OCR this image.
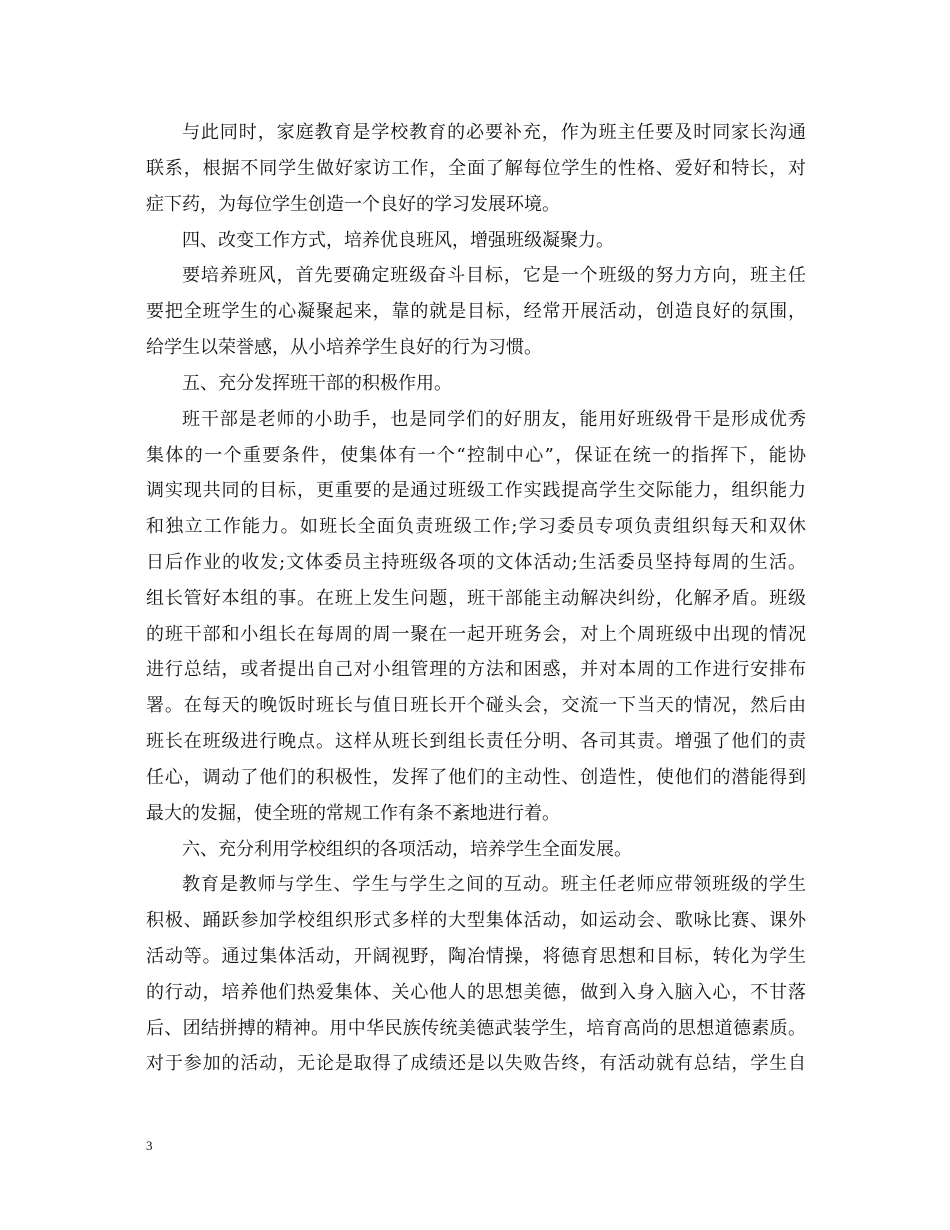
与此同时，家庭教育是学校教育的必要补充，作为班主任要及时同家长沟通
联系，根据不同学生做好家访工作，全面了解每位学生的性格、爱好和特长，对
症下药，为每位学生创造一个良好的学习发展环境。
四、改变工作方式，培养优良班风，增强班级凝聚力。
要培养班风，首先要确定班级奋斗目标，它是一个班级的努力方向，班主任
要把全班学生的心凝聚起来，靠的就是目标，经常开展活动，创造良好的氛围，
给学生以荣誉感，从小培养学生良好的行为习惯。
五、充分发挥班干部的积极作用。
班干部是老师的小助手，也是同学们的好朋友，能用好班级骨干是形成优秀
集体的一个重要条件，使集体有一个“控制中心”，保证在统一的指挥下，能协
调实现共同的目标，更重要的是通过班级工作实践提高学生交际能力，组织能力
和独立工作能力。如班长全面负责班级工作;学习委员专项负责组织每天和双休
日后作业的收发;文体委员主持班级各项的文体活动;生活委员坚持每周的生活。
组长管好本组的事。在班上发生问题，班干部能主动解决纠纷，化解矛盾。班级
的班干部和小组长在每周的周一聚在一起开班务会，对上个周班级中出现的情况
进行总结，或者提出自己对小组管理的方法和困惑，并对本周的工作进行安排布
署。在每天的晚饭时班长与值日班长开个碰头会，交流一下当天的情况，然后由
班长在班级进行晚点。这样从班长到组长责任分明、各司其责。增强了他们的责
任心，调动了他们的积极性，发挥了他们的主动性、创造性，使他们的潜能得到
最大的发掘，使全班的常规工作有条不紊地进行着。
六、充分利用学校组织的各项活动，培养学生全面发展。
教育是教师与学生、学生与学生之间的互动。班主任老师应带领班级的学生
积极、踊跃参加学校组织形式多样的大型集体活动，如运动会、歌咏比赛、课外
活动等。通过集体活动，开阔视野，陶冶情操，将德育思想和目标，转化为学生
的行动，培养他们热爱集体、关心他人的思想美德，做到入身入脑入心，不甘落
后、团结拼搏的精神。用中华民族传统美德武装学生，培育高尚的思想道德素质。
对于参加的活动，无论是取得了成绩还是以失败告终，有活动就有总结，学生自
3
